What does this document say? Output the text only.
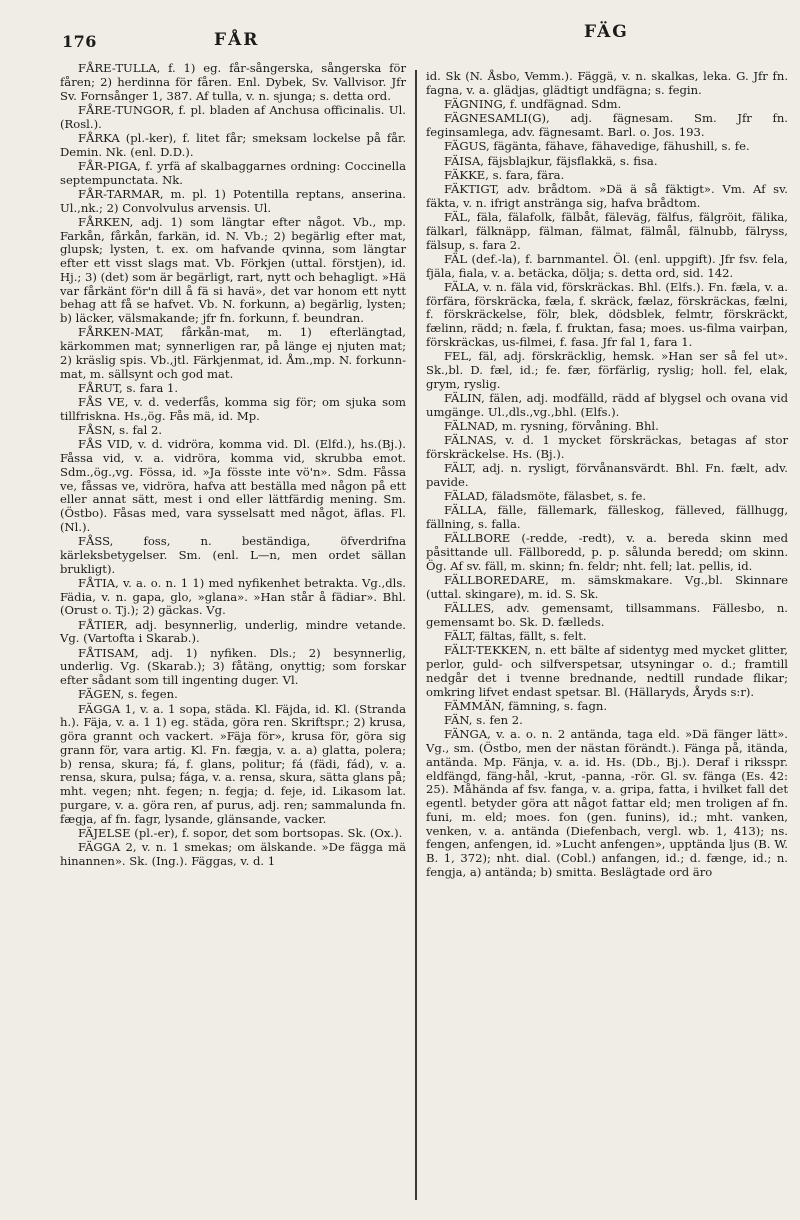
176	FÅR	FÄG

FÅRE-TULLA, f. 1) eg. får-sångerska, sångerska för fåren; 2) herdinna för fåren. Enl. Dybek, Sv. Vallvisor. Jfr Sv. Fornsånger 1, 387. Af tulla, v. n. sjunga; s. detta ord.

FÅRE-TUNGOR, f. pl. bladen af Anchusa officinalis. Ul. (Rosl.).

FÅRKA (pl.-ker), f. litet får; smeksam lockelse på får. Demin. Nk. (enl. D.D.).

FÅR-PIGA, f. yrfä af skalbaggarnes ordning: Coccinella septempunctata. Nk.

FÅR-TARMAR, m. pl. 1) Potentilla reptans, anserina. Ul.,nk.; 2) Convolvulus arvensis. Ul.

FÅRKEN, adj. 1) som längtar efter något. Vb., mp. Farkån, fårkån, farkän, id. N. Vb.; 2) begärlig efter mat, glupsk; lysten, t. ex. om hafvande qvinna, som längtar efter ett visst slags mat. Vb. Förkjen (uttal. förstjen), id. Hj.; 3) (det) som är begärligt, rart, nytt och behagligt. »Hä var fårkänt för'n dill å fä si havä», det var honom ett nytt behag att få se hafvet. Vb. N. forkunn, a) begärlig, lysten; b) läcker, välsmakande; jfr fn. forkunn, f. beundran.

FÅRKEN-MAT, fårkån-mat, m. 1) efterlängtad, kärkommen mat; synnerligen rar, på länge ej njuten mat; 2) kräslig spis. Vb.,jtl. Färkjenmat, id. Åm.,mp. N. forkunn-mat, m. sällsynt och god mat.

FÅRUT, s. fara 1.

FÅS VE, v. d. vederfås, komma sig för; om sjuka som tillfriskna. Hs.,ög. Fås mä, id. Mp.

FÅSN, s. fal 2.

FÅS VID, v. d. vidröra, komma vid. Dl. (Elfd.), hs.(Bj.). Fåssa vid, v. a. vidröra, komma vid, skrubba emot. Sdm.,ög.,vg. Fössa, id. »Ja fösste inte vö'n». Sdm. Fåssa ve, fåssas ve, vidröra, hafva att beställa med någon på ett eller annat sätt, mest i ond eller lättfärdig mening. Sm. (Östbo). Fåsas med, vara sysselsatt med något, äflas. Fl. (Nl.).

FÅSS, foss, n. beständiga, öfverdrifna kärleksbetygelser. Sm. (enl. L—n, men ordet sällan brukligt).

FÅTIA, v. a. o. n. 1 1) med nyfikenhet betrakta. Vg.,dls. Fädia, v. n. gapa, glo, »glana». »Han står å fädiar». Bhl. (Orust o. Tj.); 2) gäckas. Vg.

FÅTIER, adj. besynnerlig, underlig, mindre vetande. Vg. (Vartofta i Skarab.).

FÅTISAM, adj. 1) nyfiken. Dls.; 2) besynnerlig, underlig. Vg. (Skarab.); 3) fåtäng, onyttig; som forskar efter sådant som till ingenting duger. Vl.

FÄGEN, s. fegen.

FÄGGA 1, v. a. 1 sopa, städa. Kl. Fäjda, id. Kl. (Stranda h.). Fäja, v. a. 1 1) eg. städa, göra ren. Skriftspr.; 2) krusa, göra grannt och vackert. »Fäja för», krusa för, göra sig grann för, vara artig. Kl. Fn. fægja, v. a. a) glatta, polera; b) rensa, skura; fá, f. glans, politur; fá (fädi, fád), v. a. rensa, skura, pulsa; fága, v. a. rensa, skura, sätta glans på; mht. vegen; nht. fegen; n. fegja; d. feje, id. Likasom lat. purgare, v. a. göra ren, af purus, adj. ren; sammalunda fn. fægja, af fn. fagr, lysande, glänsande, vacker.

FÄJELSE (pl.-er), f. sopor, det som bortsopas. Sk. (Ox.).

FÄGGA 2, v. n. 1 smekas; om älskande. »De fägga mä hinannen». Sk. (Ing.). Fäggas, v. d. 1

id. Sk (N. Åsbo, Vemm.). Fäggä, v. n. skalkas, leka. G. Jfr fn. fagna, v. a. glädjas, glädtigt undfägna; s. fegin.

FÄGNING, f. undfägnad. Sdm.

FÄGNESAMLI(G), adj. fägnesam. Sm. Jfr fn. feginsamlega, adv. fägnesamt. Barl. o. Jos. 193.

FÄGUS, fägänta, fähave, fähavedige, fähushill, s. fe.

FÄISA, fäjsblajkur, fäjsflakkä, s. fisa.

FÄKKE, s. fara, fära.

FÄKTIGT, adv. brådtom. »Dä ä så fäktigt». Vm. Af sv. fäkta, v. n. ifrigt anstränga sig, hafva brådtom.

FÄL, fäla, fälafolk, fälbåt, fäleväg, fälfus, fälgröit, fälika, fälkarl, fälknäpp, fälman, fälmat, fälmål, fälnubb, fälryss, fälsup, s. fara 2.

FÄL (def.-la), f. barnmantel. Öl. (enl. uppgift). Jfr fsv. fela, fjäla, fiala, v. a. betäcka, dölja; s. detta ord, sid. 142.

FÄLA, v. n. fäla vid, förskräckas. Bhl. (Elfs.). Fn. fæla, v. a. förfära, förskräcka, fæla, f. skräck, fælaz, förskräckas, fælni, f. förskräckelse, fölr, blek, dödsblek, felmtr, förskräckt, fælinn, rädd; n. fæla, f. fruktan, fasa; moes. us-filma vairþan, förskräckas, us-filmei, f. fasa. Jfr fal 1, fara 1.

FEL, fäl, adj. förskräcklig, hemsk. »Han ser så fel ut». Sk.,bl. D. fæl, id.; fe. fær, förfärlig, ryslig; holl. fel, elak, grym, ryslig.

FÄLIN, fälen, adj. modfälld, rädd af blygsel och ovana vid umgänge. Ul.,dls.,vg.,bhl. (Elfs.).

FÄLNAD, m. rysning, förvåning. Bhl.

FÄLNAS, v. d. 1 mycket förskräckas, betagas af stor förskräckelse. Hs. (Bj.).

FÄLT, adj. n. rysligt, förvånansvärdt. Bhl. Fn. fælt, adv. pavide.

FÄLAD, fäladsmöte, fälasbet, s. fe.

FÄLLA, fälle, fällemark, fälleskog, fälleved, fällhugg, fällning, s. falla.

FÄLLBORE (-redde, -redt), v. a. bereda skinn med påsittande ull. Fällboredd, p. p. sålunda beredd; om skinn. Ög. Af sv. fäll, m. skinn; fn. feldr; nht. fell; lat. pellis, id.

FÄLLBOREDARE, m. sämskmakare. Vg.,bl. Skinnare (uttal. skingare), m. id. S. Sk.

FÄLLES, adv. gemensamt, tillsammans. Fällesbo, n. gemensamt bo. Sk. D. fælleds.

FÄLT, fältas, fällt, s. felt.

FÄLT-TEKKEN, n. ett bälte af sidentyg med mycket glitter, perlor, guld- och silfverspetsar, utsyningar o. d.; framtill nedgår det i tvenne brednande, nedtill rundade flikar; omkring lifvet endast spetsar. Bl. (Hällaryds, Åryds s:r).

FÄMMÄN, fämning, s. fagn.

FÄN, s. fen 2.

FÄNGA, v. a. o. n. 2 antända, taga eld. »Dä fänger lätt». Vg., sm. (Östbo, men der nästan förändt.). Fänga på, itända, antända. Mp. Fänja, v. a. id. Hs. (Db., Bj.). Deraf i riksspr. eldfängd, fäng-hål, -krut, -panna, -rör. Gl. sv. fänga (Es. 42: 25). Måhända af fsv. fanga, v. a. gripa, fatta, i hvilket fall det egentl. betyder göra att något fattar eld; men troligen af fn. funi, m. eld; moes. fon (gen. funins), id.; mht. vanken, venken, v. a. antända (Diefenbach, vergl. wb. 1, 413); ns. fengen, anfengen, id. »Lucht anfengen», upptända ljus (B. W. B. 1, 372); nht. dial. (Cobl.) anfangen, id.; d. fænge, id.; n. fengja, a) antända; b) smitta. Beslägtade ord äro
